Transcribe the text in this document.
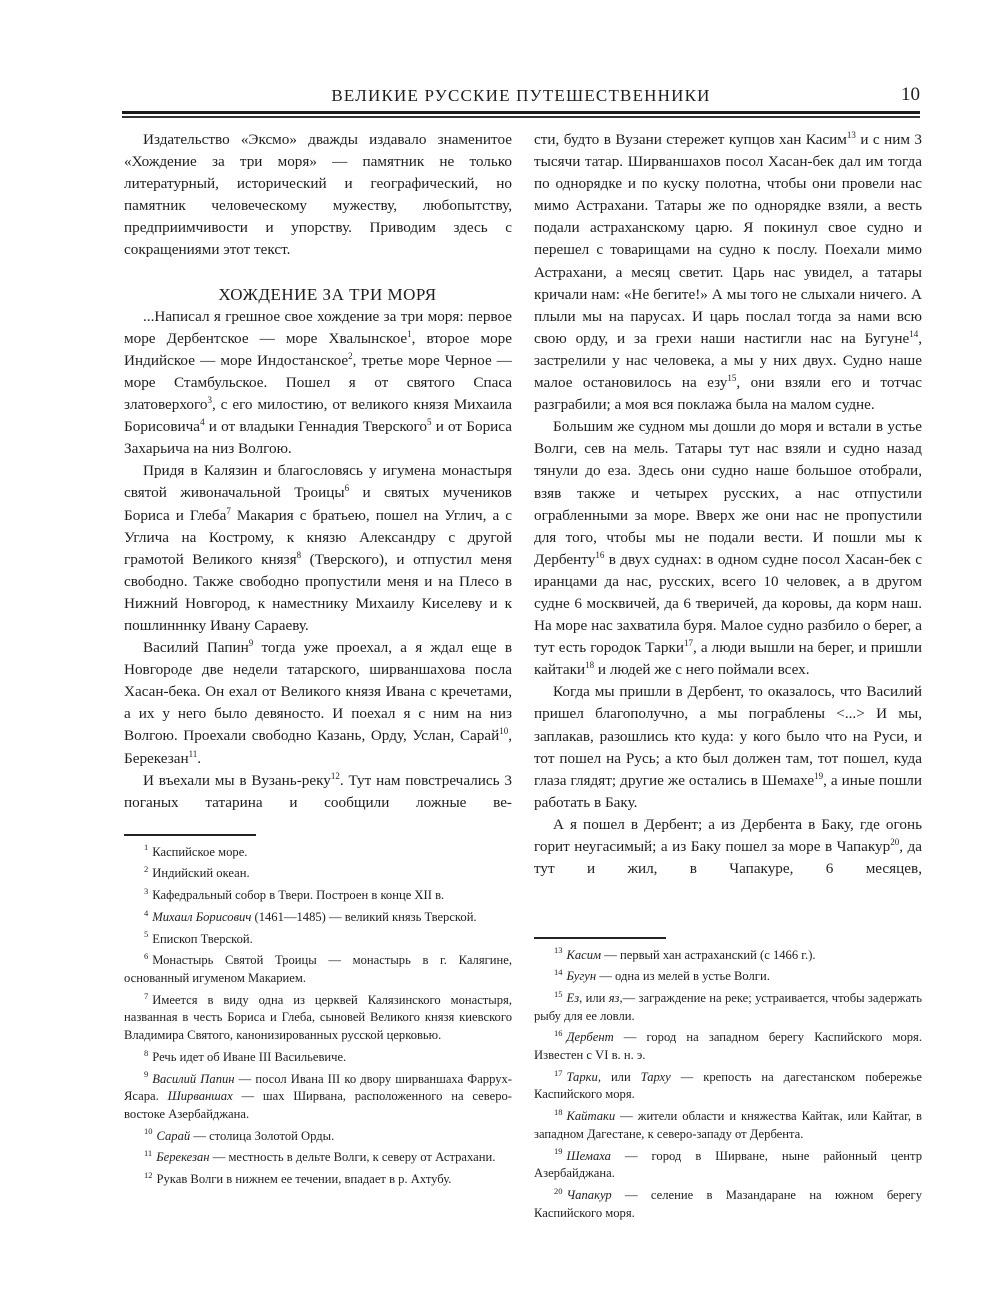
ВЕЛИКИЕ РУССКИЕ ПУТЕШЕСТВЕННИКИ	10

Издательство «Эксмо» дважды издавало знаменитое «Хождение за три моря» — памятник не только литературный, исторический и географический, но памятник человеческому мужеству, любопытству, предприимчивости и упорству. Приводим здесь с сокращениями этот текст.

ХОЖДЕНИЕ ЗА ТРИ МОРЯ

...Написал я грешное свое хождение за три моря: первое море Дербентское — море Хвалынское$^1$, второе море Индийское — море Индостанское$^2$, третье море Черное — море Стамбульское. Пошел я от святого Спаса златоверхого$^3$, с его милостию, от великого князя Михаила Борисовича$^4$ и от владыки Геннадия Тверского$^5$ и от Бориса Захарьича на низ Волгою.

Придя в Калязин и благословясь у игумена монастыря святой живоначальной Троицы$^6$ и святых мучеников Бориса и Глеба$^7$ Макария с братьею, пошел на Углич, а с Углича на Кострому, к князю Александру с другой грамотой Великого князя$^8$ (Тверского), и отпустил меня свободно. Также свободно пропустили меня и на Плесо в Нижний Новгород, к наместнику Михаилу Киселеву и к пошлинннку Ивану Сараеву.

Василий Папин$^9$ тогда уже проехал, а я ждал еще в Новгороде две недели татарского, ширваншахова посла Хасан-бека. Он ехал от Великого князя Ивана с кречетами, а их у него было девяносто. И поехал я с ним на низ Волгою. Проехали свободно Казань, Орду, Услан, Сарай$^{10}$, Берекезан$^{11}$.

И въехали мы в Вузань-реку$^{12}$. Тут нам повстречались 3 поганых татарина и сообщили ложные ве-

сти, будто в Вузани стережет купцов хан Касим$^{13}$ и с ним 3 тысячи татар. Ширваншахов посол Хасан-бек дал им тогда по однорядке и по куску полотна, чтобы они провели нас мимо Астрахани. Татары же по однорядке взяли, а весть подали астраханскому царю. Я покинул свое судно и перешел с товарищами на судно к послу. Поехали мимо Астрахани, а месяц светит. Царь нас увидел, а татары кричали нам: «Не бегите!» А мы того не слыхали ничего. А плыли мы на парусах. И царь послал тогда за нами всю свою орду, и за грехи наши настигли нас на Бугуне$^{14}$, застрелили у нас человека, а мы у них двух. Судно наше малое остановилось на езу$^{15}$, они взяли его и тотчас разграбили; а моя вся поклажа была на малом судне.

Большим же судном мы дошли до моря и встали в устье Волги, сев на мель. Татары тут нас взяли и судно назад тянули до еза. Здесь они судно наше большое отобрали, взяв также и четырех русских, а нас отпустили ограбленными за море. Вверх же они нас не пропустили для того, чтобы мы не подали вести. И пошли мы к Дербенту$^{16}$ в двух суднах: в одном судне посол Хасан-бек с иранцами да нас, русских, всего 10 человек, а в другом судне 6 москвичей, да 6 тверичей, да коровы, да корм наш. На море нас захватила буря. Малое судно разбило о берег, а тут есть городок Тарки$^{17}$, а люди вышли на берег, и пришли кайтаки$^{18}$ и людей же с него поймали всех.

Когда мы пришли в Дербент, то оказалось, что Василий пришел благополучно, а мы пограблены <...> И мы, заплакав, разошлись кто куда: у кого было что на Руси, и тот пошел на Русь; а кто был должен там, тот пошел, куда глаза глядят; другие же остались в Шемахе$^{19}$, а иные пошли работать в Баку.

А я пошел в Дербент; а из Дербента в Баку, где огонь горит неугасимый; а из Баку пошел за море в Чапакур$^{20}$, да тут и жил, в Чапакуре, 6 месяцев,

$^1$ Каспийское море.

$^2$ Индийский океан.

$^3$ Кафедральный собор в Твери. Построен в конце XII в.

$^4$ Михаил Борисович (1461—1485) — великий князь Тверской.

$^5$ Епископ Тверской.

$^6$ Монастырь Святой Троицы — монастырь в г. Калягине, основанный игуменом Макарием.

$^7$ Имеется в виду одна из церквей Калязинского монастыря, названная в честь Бориса и Глеба, сыновей Великого князя киевского Владимира Святого, канонизированных русской церковью.

$^8$ Речь идет об Иване III Васильевиче.

$^9$ Василий Папин — посол Ивана III ко двору ширваншаха Фаррух-Ясара. Ширваншах — шах Ширвана, расположенного на северо-востоке Азербайджана.

$^{10}$ Сарай — столица Золотой Орды.

$^{11}$ Берекезан — местность в дельте Волги, к северу от Астрахани.

$^{12}$ Рукав Волги в нижнем ее течении, впадает в р. Ахтубу.

$^{13}$ Касим — первый хан астраханский (с 1466 г.).

$^{14}$ Бугун — одна из мелей в устье Волги.

$^{15}$ Ез, или яз,— заграждение на реке; устраивается, чтобы задержать рыбу для ее ловли.

$^{16}$ Дербент — город на западном берегу Каспийского моря. Известен с VI в. н. э.

$^{17}$ Тарки, или Тарху — крепость на дагестанском побережье Каспийского моря.

$^{18}$ Кайтаки — жители области и княжества Кайтак, или Кайтаг, в западном Дагестане, к северо-западу от Дербента.

$^{19}$ Шемаха — город в Ширване, ныне районный центр Азербайджана.

$^{20}$ Чапакур — селение в Мазандаране на южном берегу Каспийского моря.
